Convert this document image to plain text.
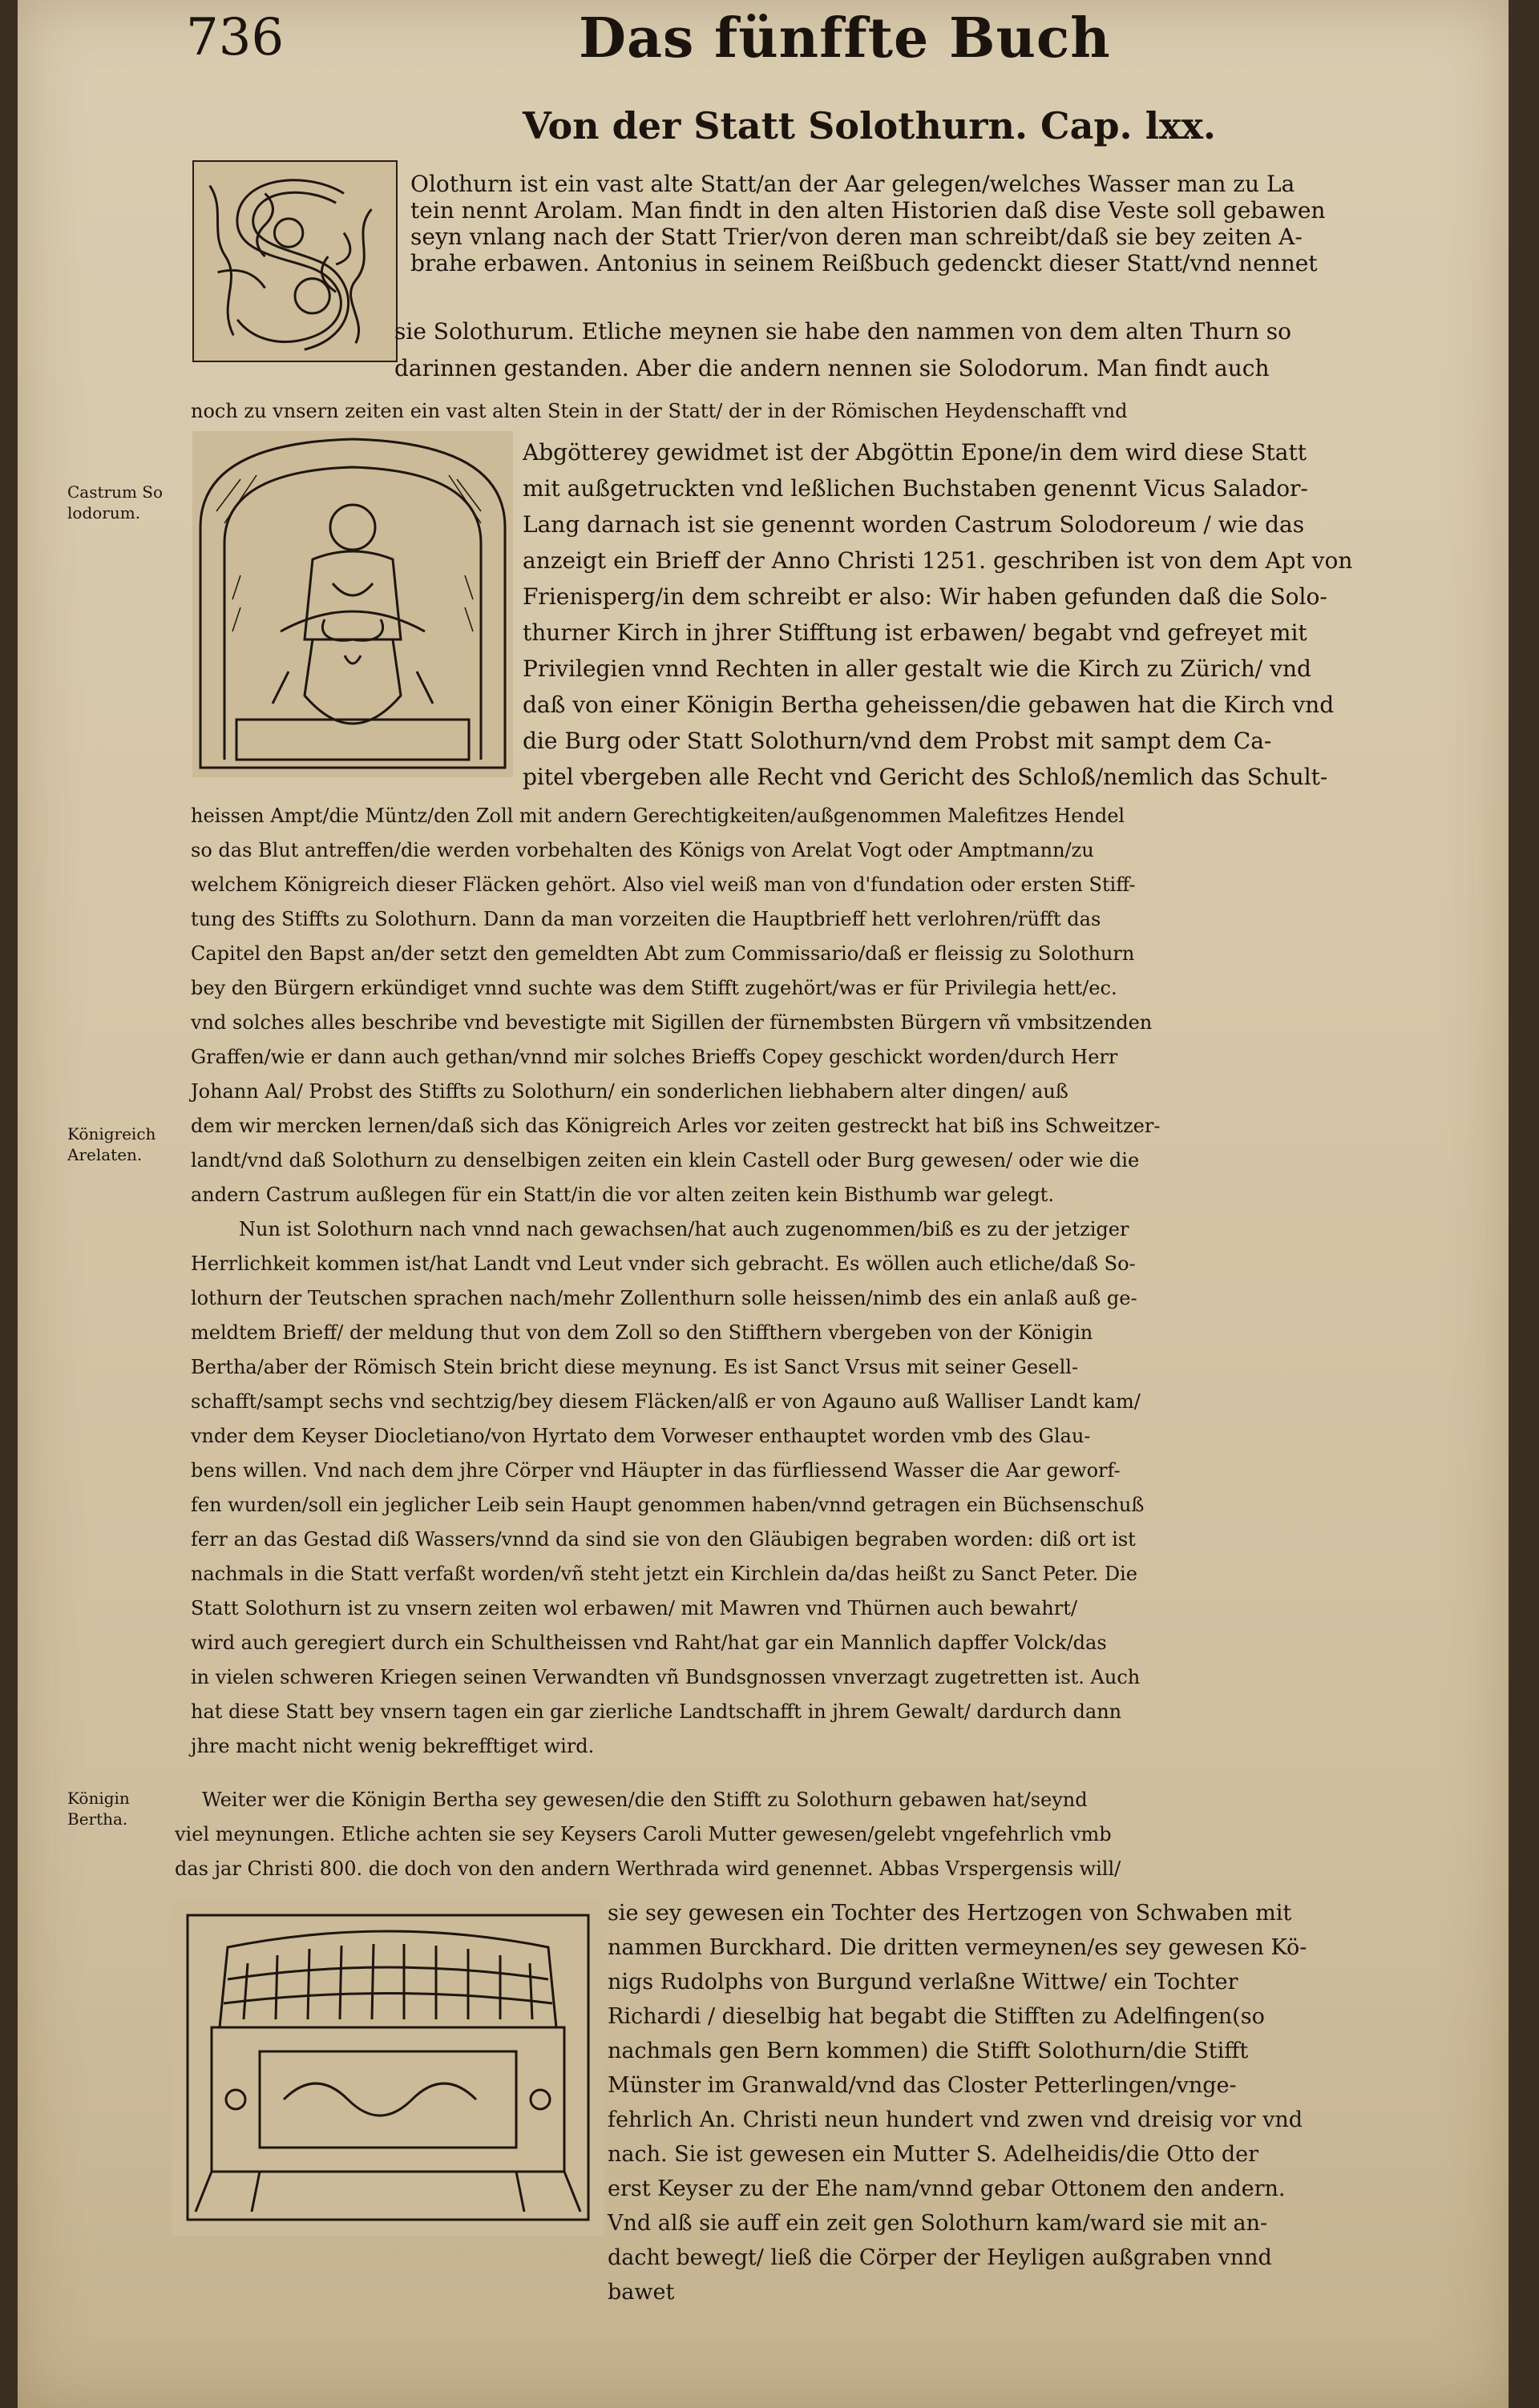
736	Das fünffte Buch
Von der Statt Solothurn. Cap. lxx.
Castrum So
lodorum.
Königreich
Arelaten.
Königin
Bertha.
Olothurn ist ein vast alte Statt/an der Aar gelegen/welches Wasser man zu La
tein nennt Arolam. Man findt in den alten Historien daß dise Veste soll gebawen
seyn vnlang nach der Statt Trier/von deren man schreibt/daß sie bey zeiten A-
brahe erbawen. Antonius in seinem Reißbuch gedenckt dieser Statt/vnd nennet
sie Solothurum. Etliche meynen sie habe den nammen von dem alten Thurn so
darinnen gestanden. Aber die andern nennen sie Solodorum. Man findt auch
noch zu vnsern zeiten ein vast alten Stein in der Statt/ der in der Römischen Heydenschafft vnd
Abgötterey gewidmet ist der Abgöttin Epone/in dem wird diese Statt
mit außgetruckten vnd leßlichen Buchstaben genennt Vicus Salador-
Lang darnach ist sie genennt worden Castrum Solodoreum / wie das
anzeigt ein Brieff der Anno Christi 1251. geschriben ist von dem Apt von
Frienisperg/in dem schreibt er also: Wir haben gefunden daß die Solo-
thurner Kirch in jhrer Stifftung ist erbawen/ begabt vnd gefreyet mit
Privilegien vnnd Rechten in aller gestalt wie die Kirch zu Zürich/ vnd
daß von einer Königin Bertha geheissen/die gebawen hat die Kirch vnd
die Burg oder Statt Solothurn/vnd dem Probst mit sampt dem Ca-
pitel vbergeben alle Recht vnd Gericht des Schloß/nemlich das Schult-
heissen Ampt/die Müntz/den Zoll mit andern Gerechtigkeiten/außgenommen Malefitzes Hendel
so das Blut antreffen/die werden vorbehalten des Königs von Arelat Vogt oder Amptmann/zu
welchem Königreich dieser Fläcken gehört. Also viel weiß man von d'fundation oder ersten Stiff-
tung des Stiffts zu Solothurn. Dann da man vorzeiten die Hauptbrieff hett verlohren/rüfft das
Capitel den Bapst an/der setzt den gemeldten Abt zum Commissario/daß er fleissig zu Solothurn
bey den Bürgern erkündiget vnnd suchte was dem Stifft zugehört/was er für Privilegia hett/ec.
vnd solches alles beschribe vnd bevestigte mit Sigillen der fürnembsten Bürgern vñ vmbsitzenden
Graffen/wie er dann auch gethan/vnnd mir solches Brieffs Copey geschickt worden/durch Herr
Johann Aal/ Probst des Stiffts zu Solothurn/ ein sonderlichen liebhabern alter dingen/ auß
dem wir mercken lernen/daß sich das Königreich Arles vor zeiten gestreckt hat biß ins Schweitzer-
landt/vnd daß Solothurn zu denselbigen zeiten ein klein Castell oder Burg gewesen/ oder wie die
andern Castrum außlegen für ein Statt/in die vor alten zeiten kein Bisthumb war gelegt.
Nun ist Solothurn nach vnnd nach gewachsen/hat auch zugenommen/biß es zu der jetziger
Herrlichkeit kommen ist/hat Landt vnd Leut vnder sich gebracht. Es wöllen auch etliche/daß So-
lothurn der Teutschen sprachen nach/mehr Zollenthurn solle heissen/nimb des ein anlaß auß ge-
meldtem Brieff/ der meldung thut von dem Zoll so den Stiffthern vbergeben von der Königin
Bertha/aber der Römisch Stein bricht diese meynung. Es ist Sanct Vrsus mit seiner Gesell-
schafft/sampt sechs vnd sechtzig/bey diesem Fläcken/alß er von Agauno auß Walliser Landt kam/
vnder dem Keyser Diocletiano/von Hyrtato dem Vorweser enthauptet worden vmb des Glau-
bens willen. Vnd nach dem jhre Cörper vnd Häupter in das fürfliessend Wasser die Aar geworf-
fen wurden/soll ein jeglicher Leib sein Haupt genommen haben/vnnd getragen ein Büchsenschuß
ferr an das Gestad diß Wassers/vnnd da sind sie von den Gläubigen begraben worden: diß ort ist
nachmals in die Statt verfaßt worden/vñ steht jetzt ein Kirchlein da/das heißt zu Sanct Peter. Die
Statt Solothurn ist zu vnsern zeiten wol erbawen/ mit Mawren vnd Thürnen auch bewahrt/
wird auch geregiert durch ein Schultheissen vnd Raht/hat gar ein Mannlich dapffer Volck/das
in vielen schweren Kriegen seinen Verwandten vñ Bundsgnossen vnverzagt zugetretten ist. Auch
hat diese Statt bey vnsern tagen ein gar zierliche Landtschafft in jhrem Gewalt/ dardurch dann
jhre macht nicht wenig bekrefftiget wird.
Weiter wer die Königin Bertha sey gewesen/die den Stifft zu Solothurn gebawen hat/seynd
viel meynungen. Etliche achten sie sey Keysers Caroli Mutter gewesen/gelebt vngefehrlich vmb
das jar Christi 800. die doch von den andern Werthrada wird genennet. Abbas Vrspergensis will/
sie sey gewesen ein Tochter des Hertzogen von Schwaben mit
nammen Burckhard. Die dritten vermeynen/es sey gewesen Kö-
nigs Rudolphs von Burgund verlaßne Wittwe/ ein Tochter
Richardi / dieselbig hat begabt die Stifften zu Adelfingen(so
nachmals gen Bern kommen) die Stifft Solothurn/die Stifft
Münster im Granwald/vnd das Closter Petterlingen/vnge-
fehrlich An. Christi neun hundert vnd zwen vnd dreisig vor vnd
nach. Sie ist gewesen ein Mutter S. Adelheidis/die Otto der
erst Keyser zu der Ehe nam/vnnd gebar Ottonem den andern.
Vnd alß sie auff ein zeit gen Solothurn kam/ward sie mit an-
dacht bewegt/ ließ die Cörper der Heyligen außgraben vnnd
bawet
